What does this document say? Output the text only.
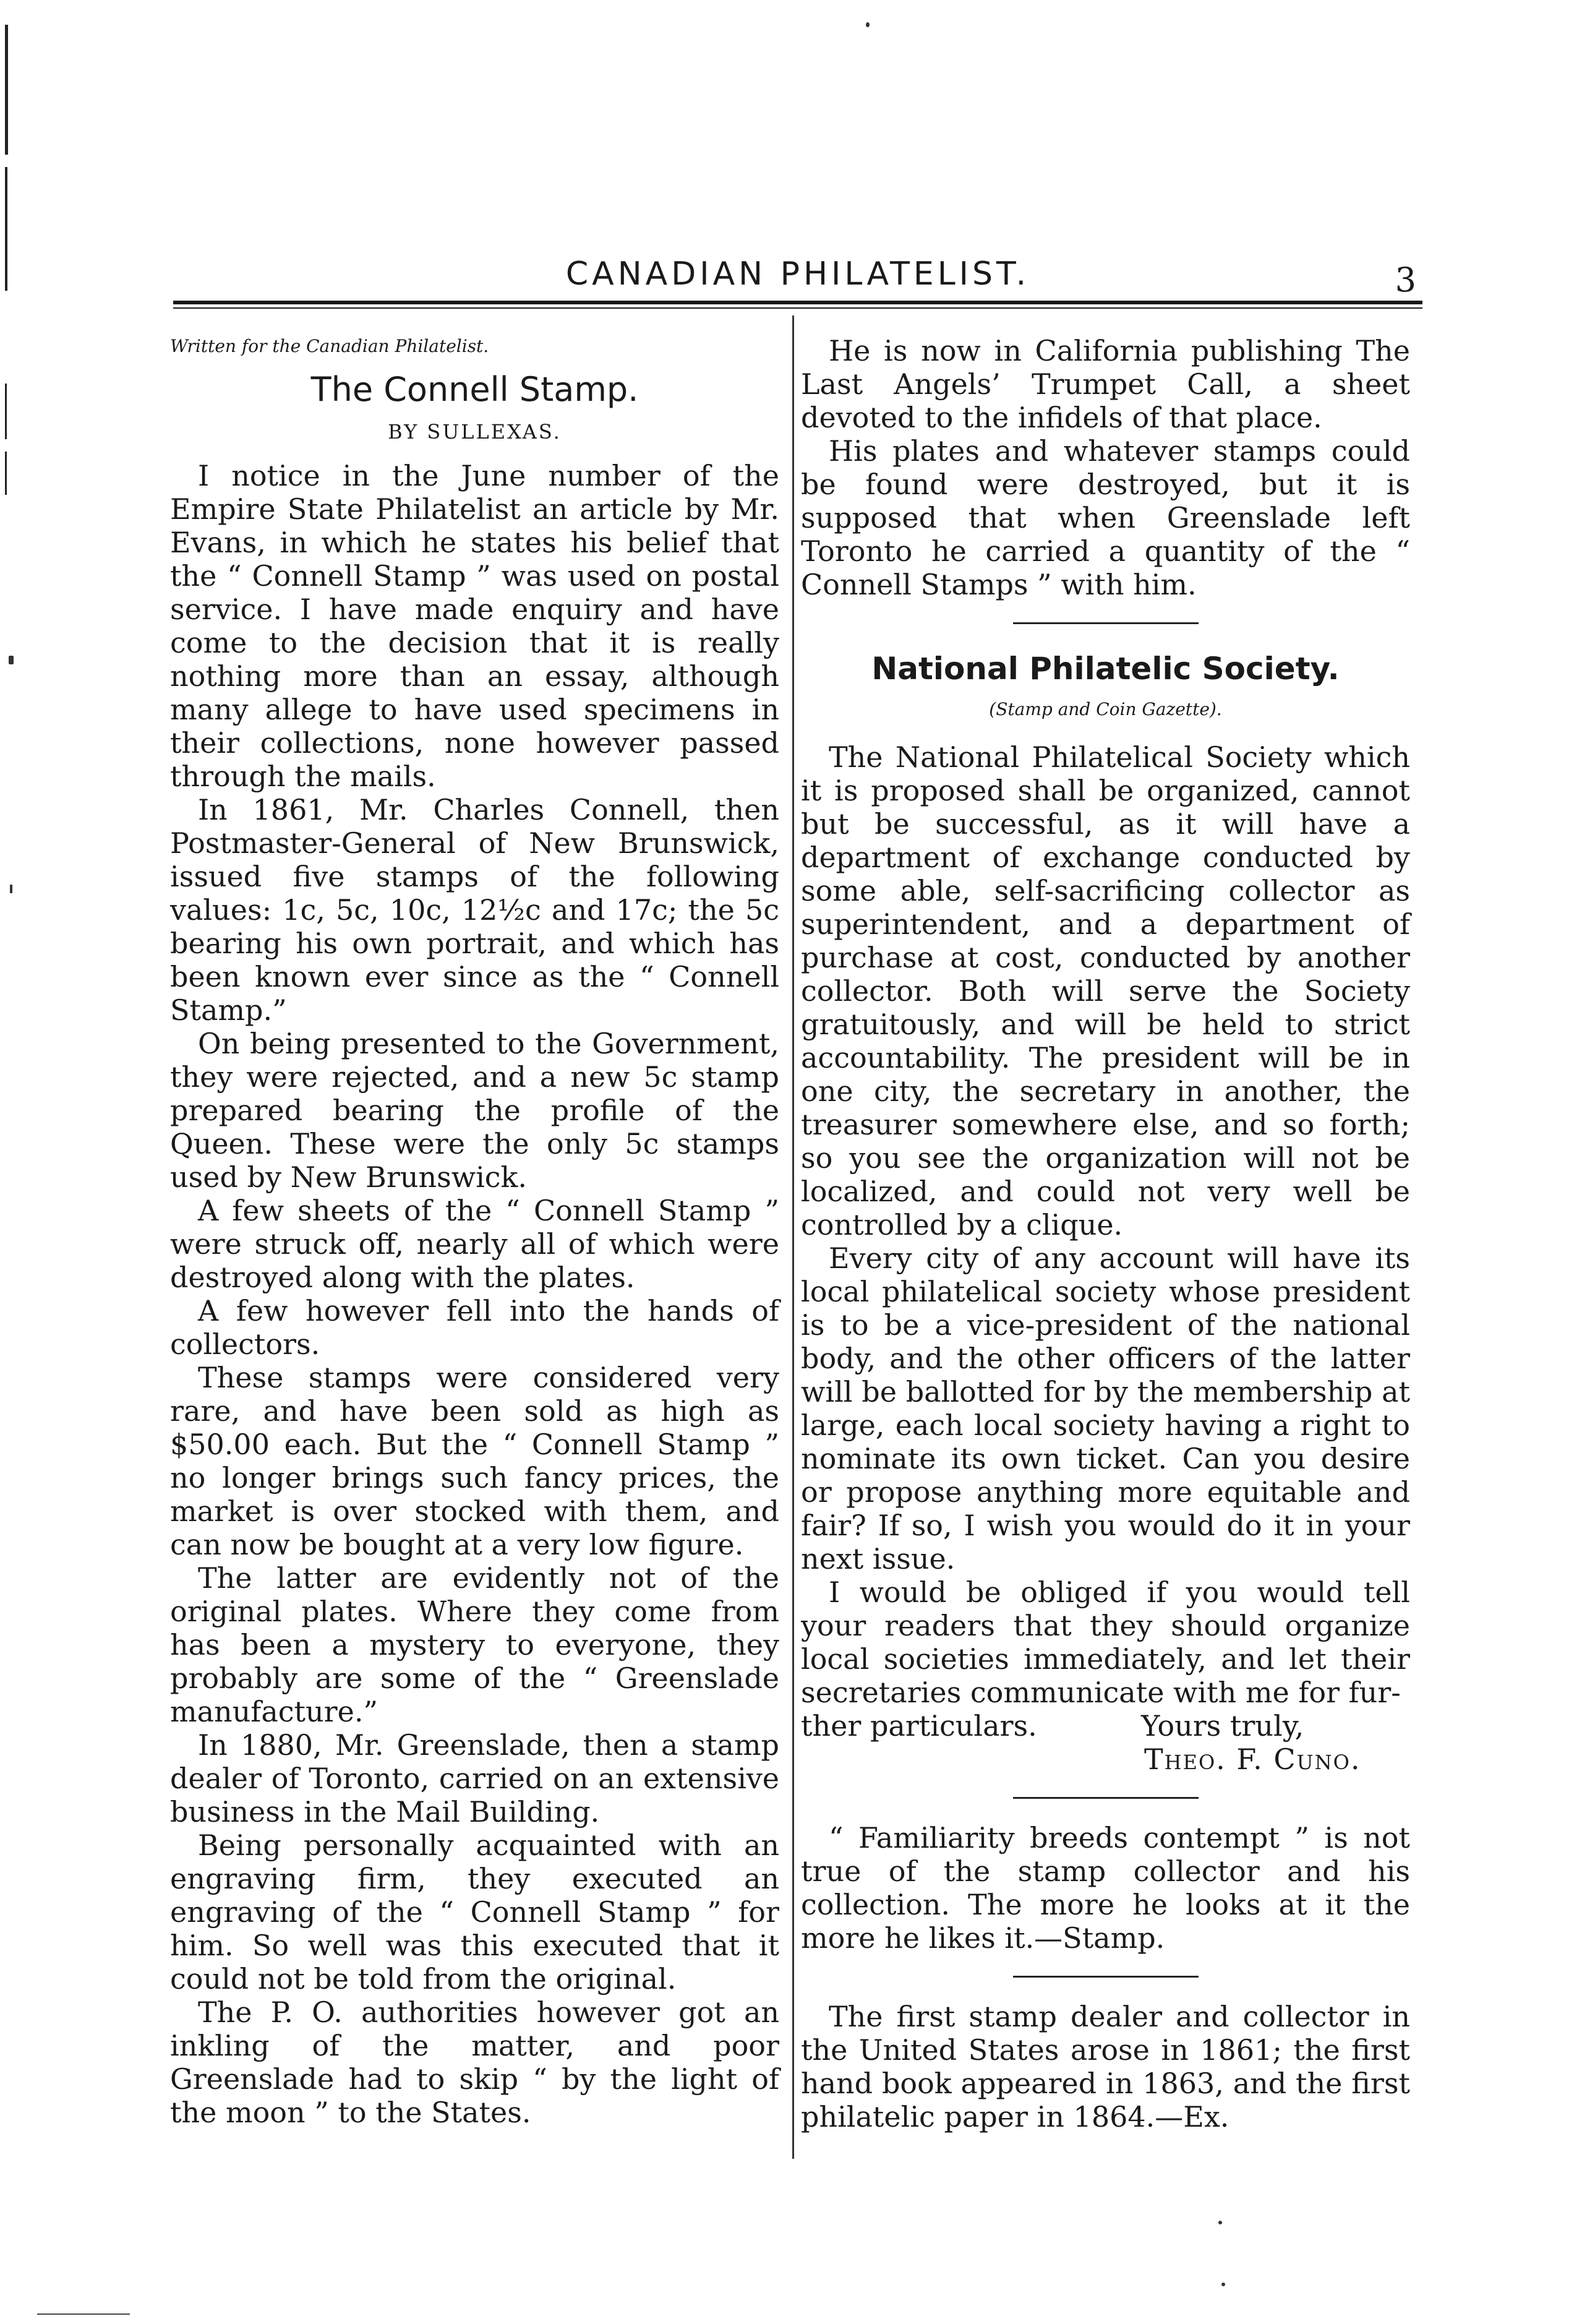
CANADIAN PHILATELIST.	3
Written for the Canadian Philatelist.
The Connell Stamp.
BY SULLEXAS.

I notice in the June number of the Empire State Philatelist an article by Mr. Evans, in which he states his belief that the “ Connell Stamp ” was used on postal service. I have made enquiry and have come to the decision that it is really nothing more than an essay, although many allege to have used specimens in their collections, none however passed through the mails.

In 1861, Mr. Charles Connell, then Postmaster-General of New Brunswick, issued five stamps of the following values: 1c, 5c, 10c, 12½c and 17c; the 5c bearing his own portrait, and which has been known ever since as the “ Connell Stamp.”

On being presented to the Government, they were rejected, and a new 5c stamp prepared bearing the profile of the Queen. These were the only 5c stamps used by New Brunswick.

A few sheets of the “ Connell Stamp ” were struck off, nearly all of which were destroyed along with the plates.

A few however fell into the hands of collectors.

These stamps were considered very rare, and have been sold as high as $50.00 each. But the “ Connell Stamp ” no longer brings such fancy prices, the market is over stocked with them, and can now be bought at a very low figure.

The latter are evidently not of the original plates. Where they come from has been a mystery to everyone, they probably are some of the “ Greenslade manufacture.”

In 1880, Mr. Greenslade, then a stamp dealer of Toronto, carried on an extensive business in the Mail Building.

Being personally acquainted with an engraving firm, they executed an engraving of the “ Connell Stamp ” for him. So well was this executed that it could not be told from the original.

The P. O. authorities however got an inkling of the matter, and poor Greenslade had to skip “ by the light of the moon ” to the States.

He is now in California publishing The Last Angels’ Trumpet Call, a sheet devoted to the infidels of that place.

His plates and whatever stamps could be found were destroyed, but it is supposed that when Greenslade left Toronto he carried a quantity of the “ Connell Stamps ” with him.

National Philatelic Society.
(Stamp and Coin Gazette).

The National Philatelical Society which it is proposed shall be organized, cannot but be successful, as it will have a department of exchange conducted by some able, self-sacrificing collector as superintendent, and a department of purchase at cost, conducted by another collector. Both will serve the Society gratuitously, and will be held to strict accountability. The president will be in one city, the secretary in another, the treasurer somewhere else, and so forth; so you see the organization will not be localized, and could not very well be controlled by a clique.

Every city of any account will have its local philatelical society whose president is to be a vice-president of the national body, and the other officers of the latter will be ballotted for by the membership at large, each local society having a right to nominate its own ticket. Can you desire or propose anything more equitable and fair? If so, I wish you would do it in your next issue.

I would be obliged if you would tell your readers that they should organize local societies immediately, and let their secretaries communicate with me for fur-

ther particulars.	Yours truly,
Theo. F. Cuno.

“ Familiarity breeds contempt ” is not true of the stamp collector and his collection. The more he looks at it the more he likes it.—Stamp.

The first stamp dealer and collector in the United States arose in 1861; the first hand book appeared in 1863, and the first philatelic paper in 1864.—Ex.
